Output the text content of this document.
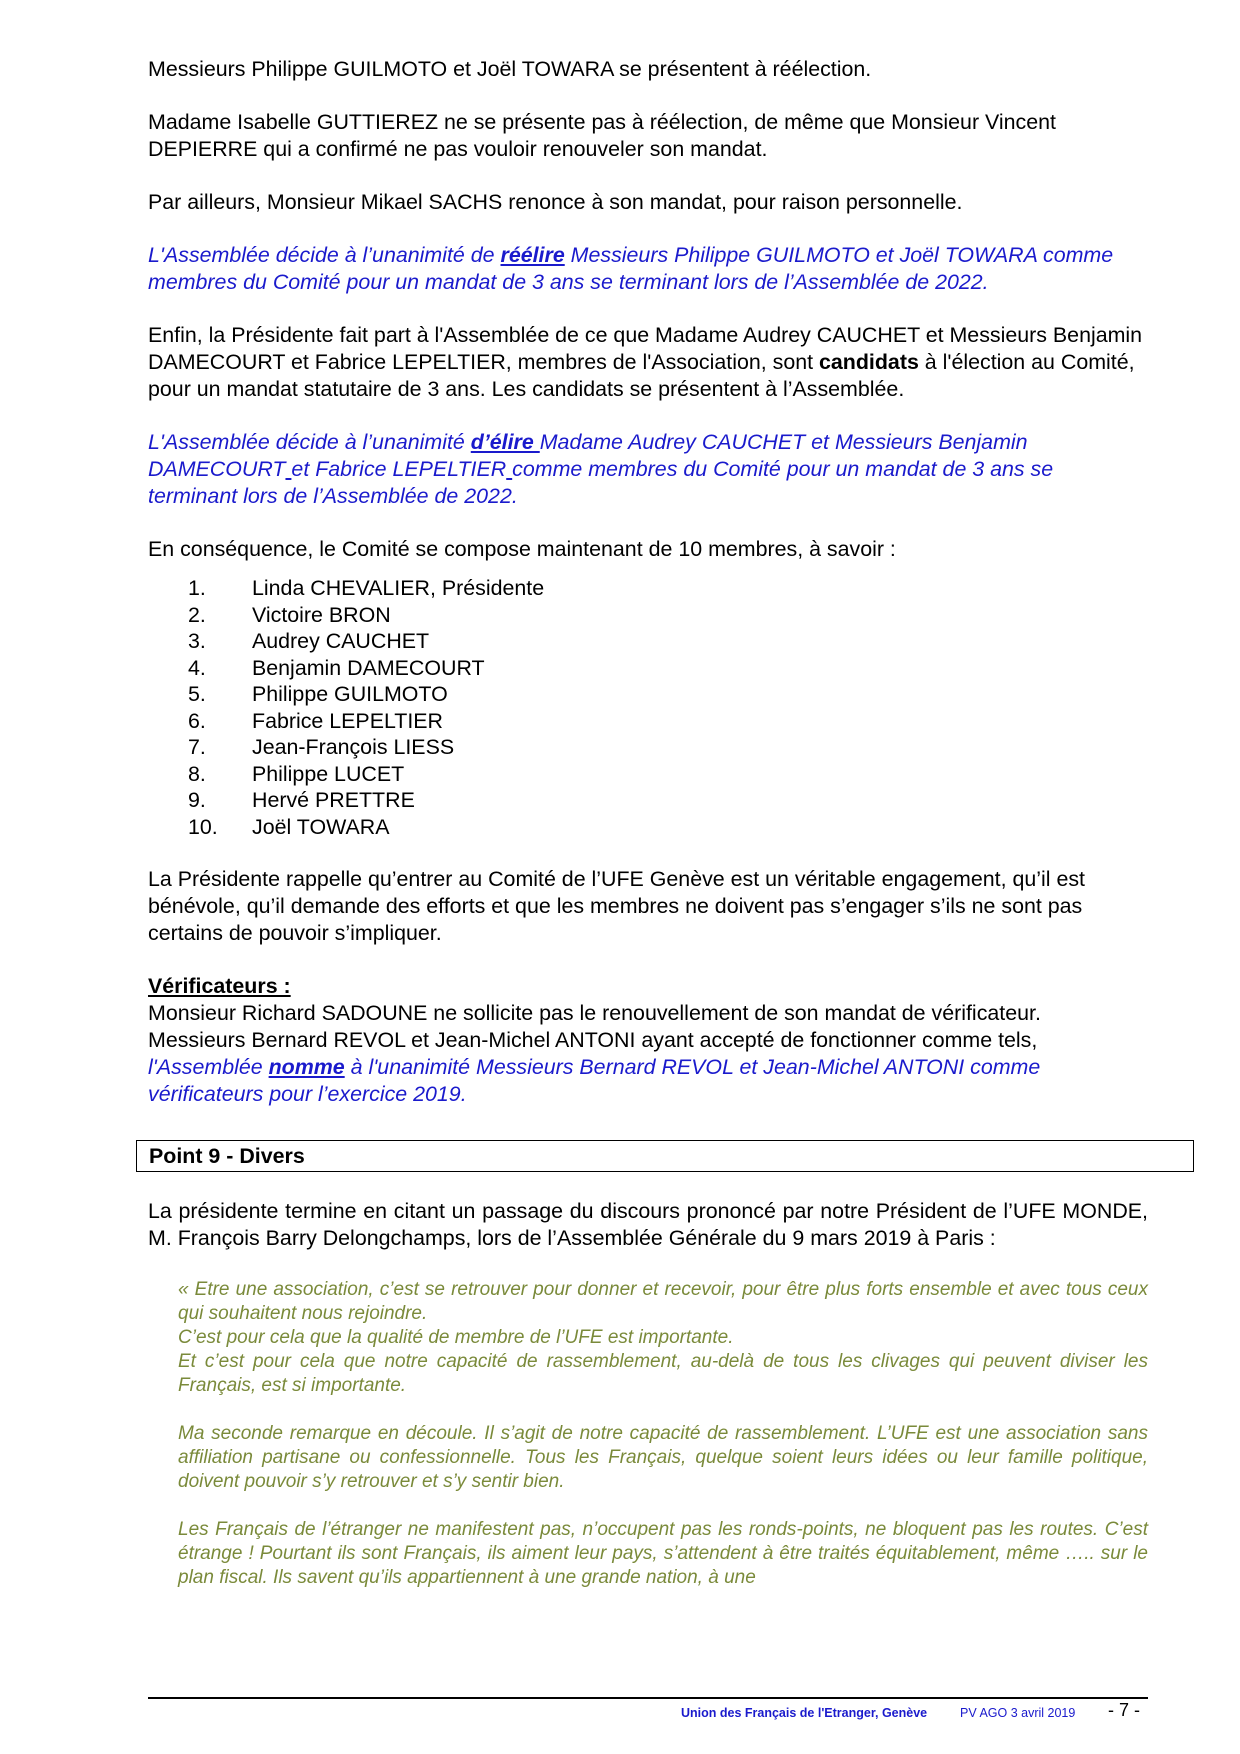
Messieurs Philippe GUILMOTO et Joël TOWARA se présentent à réélection.

Madame Isabelle GUTTIEREZ ne se présente pas à réélection, de même que Monsieur Vincent DEPIERRE qui a confirmé ne pas vouloir renouveler son mandat.

Par ailleurs, Monsieur Mikael SACHS renonce à son mandat, pour raison personnelle.

L'Assemblée décide à l’unanimité de réélire Messieurs Philippe GUILMOTO et Joël TOWARA comme membres du Comité pour un mandat de 3 ans se terminant lors de l’Assemblée de 2022.

Enfin, la Présidente fait part à l'Assemblée de ce que Madame Audrey CAUCHET et Messieurs Benjamin DAMECOURT et Fabrice LEPELTIER, membres de l'Association, sont candidats à l'élection au Comité, pour un mandat statutaire de 3 ans. Les candidats se présentent à l’Assemblée.

L'Assemblée décide à l’unanimité d’élire Madame Audrey CAUCHET et Messieurs Benjamin DAMECOURT et Fabrice LEPELTIER comme membres du Comité pour un mandat de 3 ans se terminant lors de l’Assemblée de 2022.

En conséquence, le Comité se compose maintenant de 10 membres, à savoir :

1.	Linda CHEVALIER, Présidente
2.	Victoire BRON
3.	Audrey CAUCHET
4.	Benjamin DAMECOURT
5.	Philippe GUILMOTO
6.	Fabrice LEPELTIER
7.	Jean-François LIESS
8.	Philippe LUCET
9.	Hervé PRETTRE
10.	Joël TOWARA

La Présidente rappelle qu’entrer au Comité de l’UFE Genève est un véritable engagement, qu’il est bénévole, qu’il demande des efforts et que les membres ne doivent pas s’engager s’ils ne sont pas certains de pouvoir s’impliquer.

Vérificateurs :
Monsieur Richard SADOUNE ne sollicite pas le renouvellement de son mandat de vérificateur.
Messieurs Bernard REVOL et Jean-Michel ANTONI ayant accepté de fonctionner comme tels,
l'Assemblée nomme à l'unanimité Messieurs Bernard REVOL et Jean-Michel ANTONI comme vérificateurs pour l’exercice 2019.
Point 9 - Divers

La présidente termine en citant un passage du discours prononcé par notre Président de l’UFE MONDE, M. François Barry Delongchamps, lors de l’Assemblée Générale du 9 mars 2019 à Paris :

« Etre une association, c’est se retrouver pour donner et recevoir, pour être plus forts ensemble et avec tous ceux qui souhaitent nous rejoindre.
C’est pour cela que la qualité de membre de l’UFE est importante.
Et c’est pour cela que notre capacité de rassemblement, au-delà de tous les clivages qui peuvent diviser les Français, est si importante.

Ma seconde remarque en découle. Il s’agit de notre capacité de rassemblement. L’UFE est une association sans affiliation partisane ou confessionnelle. Tous les Français, quelque soient leurs idées ou leur famille politique, doivent pouvoir s’y retrouver et s’y sentir bien.

Les Français de l’étranger ne manifestent pas, n’occupent pas les ronds-points, ne bloquent pas les routes. C’est étrange ! Pourtant ils sont Français, ils aiment leur pays, s’attendent à être traités équitablement, même ….. sur le plan fiscal. Ils savent qu’ils appartiennent à une grande nation, à une

Union des Français de l'Etranger, Genève	PV AGO 3 avril 2019 - 7 -
